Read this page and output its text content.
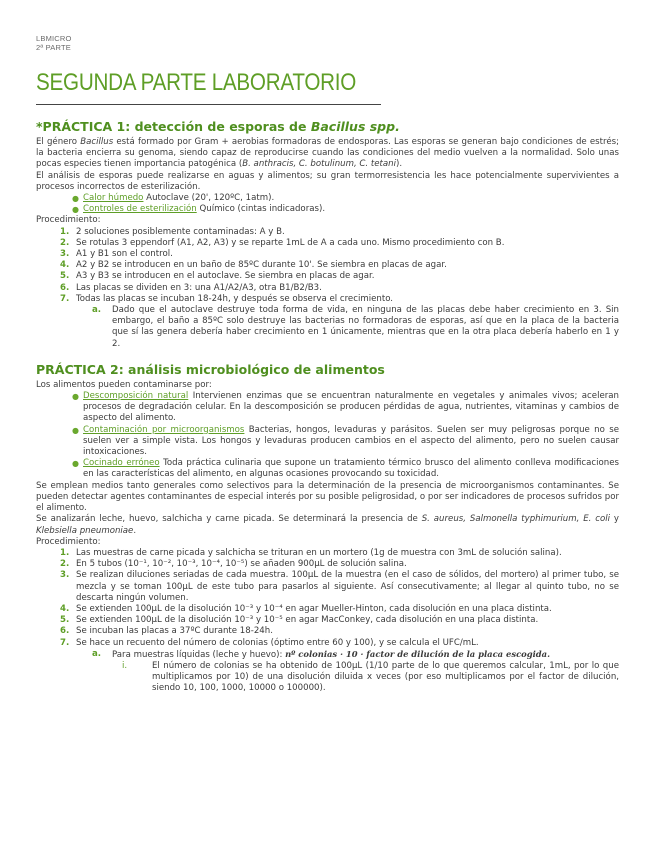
LBMICRO
2ª PARTE
SEGUNDA PARTE LABORATORIO
*PRÁCTICA 1: detección de esporas de Bacillus spp.

El género Bacillus está formado por Gram + aerobias formadoras de endosporas. Las esporas se generan bajo condiciones de estrés; la bacteria encierra su genoma, siendo capaz de reproducirse cuando las condiciones del medio vuelven a la normalidad. Solo unas pocas especies tienen importancia patogénica (B. anthracis, C. botulinum, C. tetani).

El análisis de esporas puede realizarse en aguas y alimentos; su gran termorresistencia les hace potencialmente supervivientes a procesos incorrectos de esterilización.

● Calor húmedo Autoclave (20', 120ºC, 1atm).
● Controles de esterilización Químico (cintas indicadoras).

Procedimiento:

1. 2 soluciones posiblemente contaminadas: A y B.
2. Se rotulas 3 eppendorf (A1, A2, A3) y se reparte 1mL de A a cada uno. Mismo procedimiento con B.
3. A1 y B1 son el control.
4. A2 y B2 se introducen en un baño de 85ºC durante 10'. Se siembra en placas de agar.
5. A3 y B3 se introducen en el autoclave. Se siembra en placas de agar.
6. Las placas se dividen en 3: una A1/A2/A3, otra B1/B2/B3.
7. Todas las placas se incuban 18-24h, y después se observa el crecimiento.
a.	Dado que el autoclave destruye toda forma de vida, en ninguna de las placas debe haber crecimiento en 3. Sin embargo, el baño a 85ºC solo destruye las bacterias no formadoras de esporas, así que en la placa de la bacteria que sí las genera debería haber crecimiento en 1 únicamente, mientras que en la otra placa debería haberlo en 1 y 2.
PRÁCTICA 2: análisis microbiológico de alimentos

Los alimentos pueden contaminarse por:

● Descomposición natural Intervienen enzimas que se encuentran naturalmente en vegetales y animales vivos; aceleran procesos de degradación celular. En la descomposición se producen pérdidas de agua, nutrientes, vitaminas y cambios de aspecto del alimento.
● Contaminación por microorganismos Bacterias, hongos, levaduras y parásitos. Suelen ser muy peligrosas porque no se suelen ver a simple vista. Los hongos y levaduras producen cambios en el aspecto del alimento, pero no suelen causar intoxicaciones.
● Cocinado erróneo Toda práctica culinaria que supone un tratamiento térmico brusco del alimento conlleva modificaciones en las características del alimento, en algunas ocasiones provocando su toxicidad.

Se emplean medios tanto generales como selectivos para la determinación de la presencia de microorganismos contaminantes. Se pueden detectar agentes contaminantes de especial interés por su posible peligrosidad, o por ser indicadores de procesos sufridos por el alimento.

Se analizarán leche, huevo, salchicha y carne picada. Se determinará la presencia de S. aureus, Salmonella typhimurium, E. coli y Klebsiella pneumoniae.

Procedimiento:

1. Las muestras de carne picada y salchicha se trituran en un mortero (1g de muestra con 3mL de solución salina).
2. En 5 tubos (10⁻¹, 10⁻², 10⁻³, 10⁻⁴, 10⁻⁵) se añaden 900µL de solución salina.
3. Se realizan diluciones seriadas de cada muestra. 100µL de la muestra (en el caso de sólidos, del mortero) al primer tubo, se mezcla y se toman 100µL de este tubo para pasarlos al siguiente. Así consecutivamente; al llegar al quinto tubo, no se descarta ningún volumen.
4. Se extienden 100µL de la disolución 10⁻³ y 10⁻⁴ en agar Mueller-Hinton, cada disolución en una placa distinta.
5. Se extienden 100µL de la disolución 10⁻³ y 10⁻⁵ en agar MacConkey, cada disolución en una placa distinta.
6. Se incuban las placas a 37ºC durante 18-24h.
7. Se hace un recuento del número de colonias (óptimo entre 60 y 100), y se calcula el UFC/mL.
a.	Para muestras líquidas (leche y huevo): nº colonias · 10 · factor de dilución de la placa escogida.
i.	El número de colonias se ha obtenido de 100µL (1/10 parte de lo que queremos calcular, 1mL, por lo que multiplicamos por 10) de una disolución diluida x veces (por eso multiplicamos por el factor de dilución, siendo 10, 100, 1000, 10000 o 100000).
